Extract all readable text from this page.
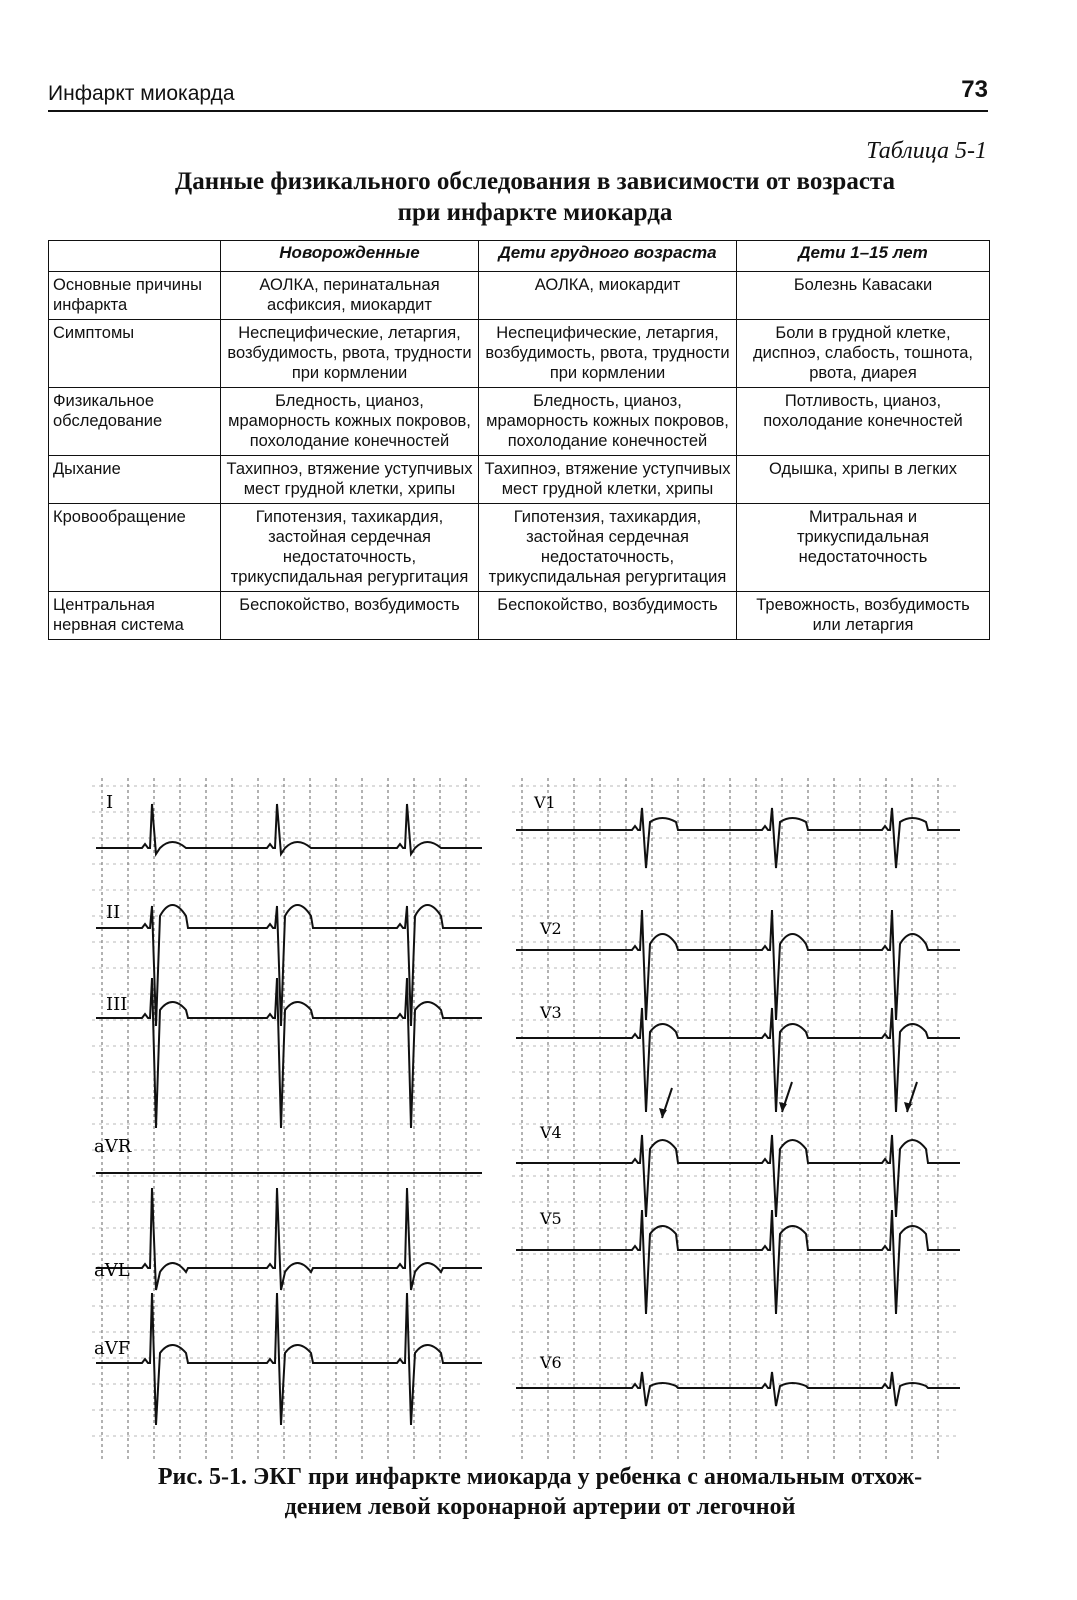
Инфаркт миокарда	73
Таблица 5-1
Данные физикального обследования в зависимости от возраста
при инфаркте миокарда
	Новорожденные	Дети грудного возраста	Дети 1–15 лет
Основные причины инфаркта	АОЛКА, перинатальная асфиксия, миокардит	АОЛКА, миокардит	Болезнь Кавасаки
Симптомы	Неспецифические, летаргия, возбудимость, рвота, трудности при кормлении	Неспецифические, летаргия, возбудимость, рвота, трудности при кормлении	Боли в грудной клетке, диспноэ, слабость, тошнота, рвота, диарея
Физикальное обследование	Бледность, цианоз, мраморность кожных покровов, похолодание конечностей	Бледность, цианоз, мраморность кожных покровов, похолодание конечностей	Потливость, цианоз, похолодание конечностей
Дыхание	Тахипноэ, втяжение уступчивых мест грудной клетки, хрипы	Тахипноэ, втяжение уступчивых мест грудной клетки, хрипы	Одышка, хрипы в легких
Кровообращение	Гипотензия, тахикардия, застойная сердечная недостаточность, трикуспидальная регургитация	Гипотензия, тахикардия, застойная сердечная недостаточность, трикуспидальная регургитация	Митральная и трикуспидальная недостаточность
Центральная нервная система	Беспокойство, возбудимость	Беспокойство, возбудимость	Тревожность, возбудимость или летаргия
I
II
III
aVR
aVL
aVF
V1
V2
V3
V4
V5
V6
Рис. 5-1. ЭКГ при инфаркте миокарда у ребенка с аномальным отхож-
дением левой коронарной артерии от легочной
